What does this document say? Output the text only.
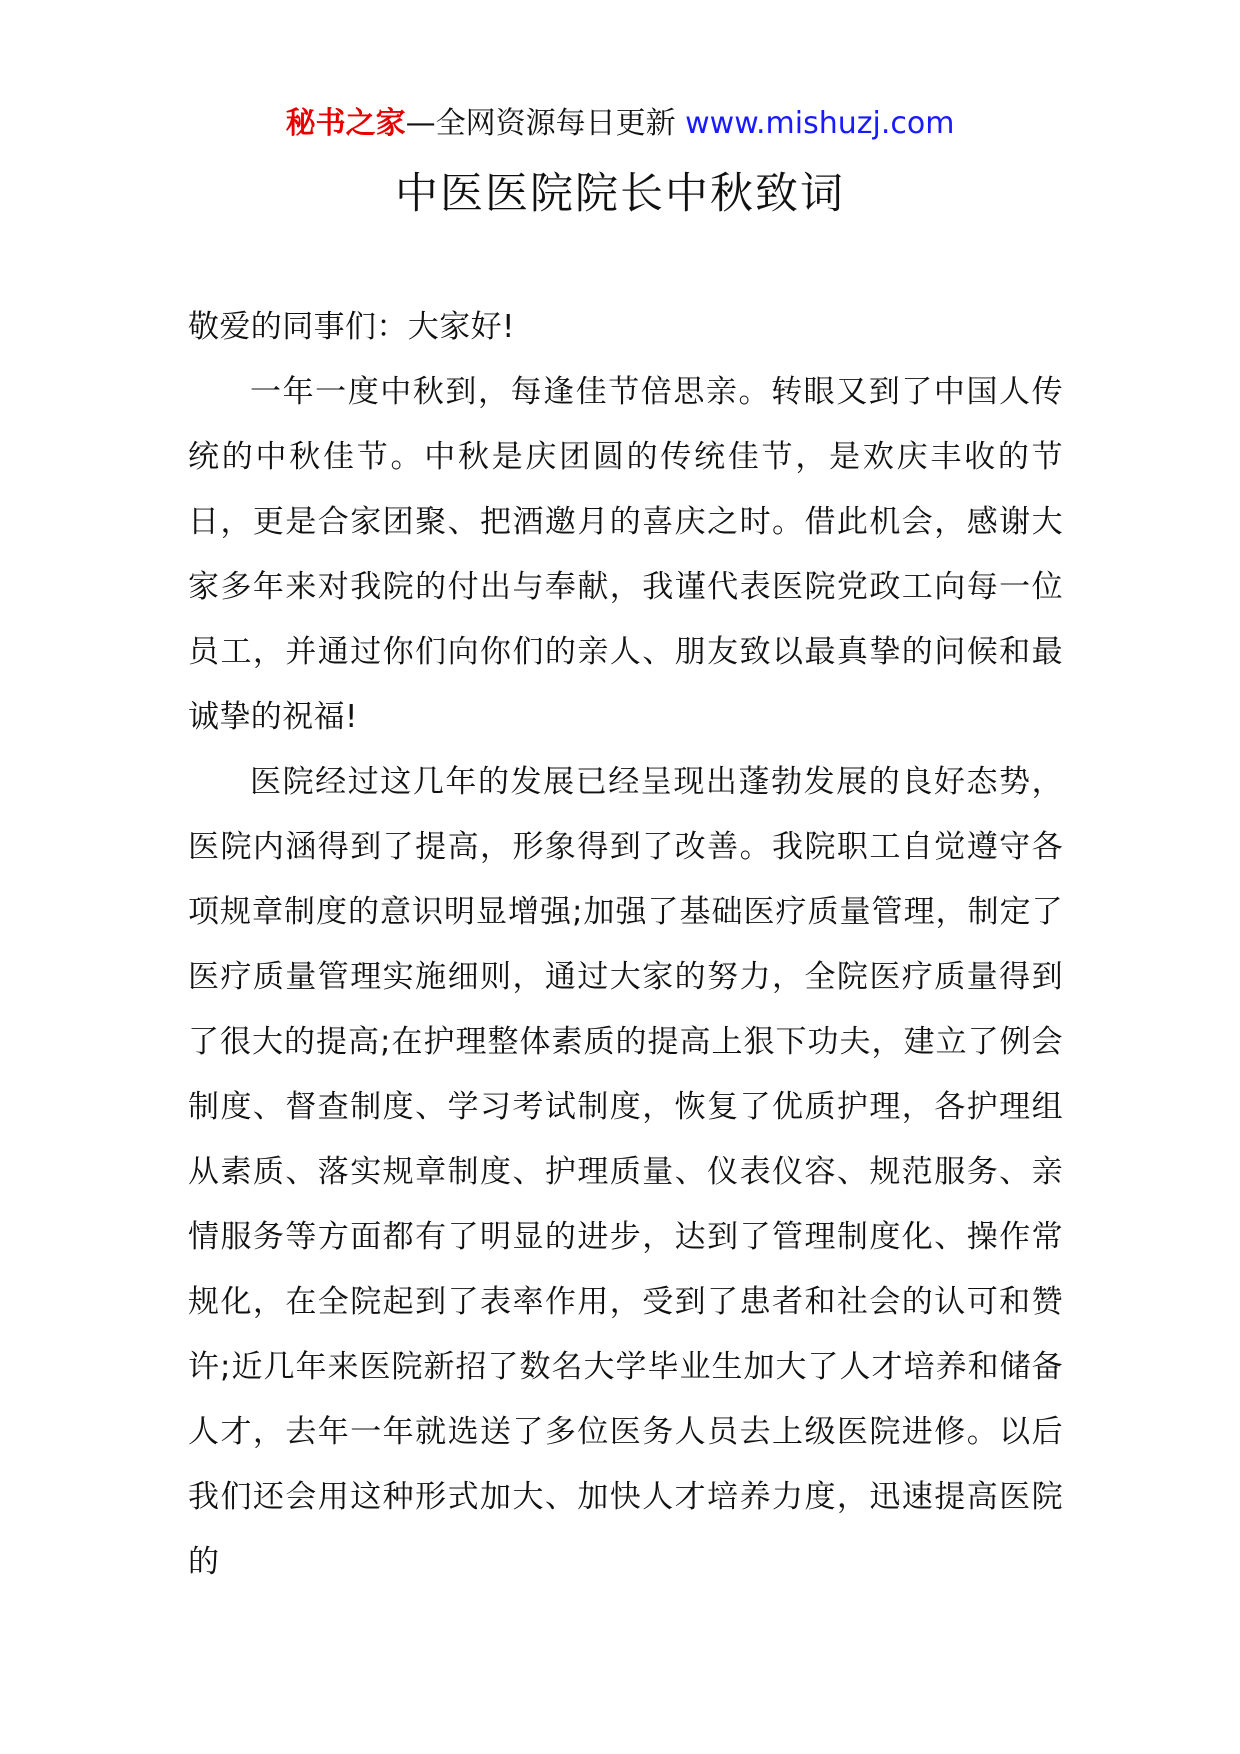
秘书之家—全网资源每日更新 www.mishuzj.com
中医医院院长中秋致词

敬爱的同事们：大家好!

一年一度中秋到，每逢佳节倍思亲。转眼又到了中国人传统的中秋佳节。中秋是庆团圆的传统佳节，是欢庆丰收的节日，更是合家团聚、把酒邀月的喜庆之时。借此机会，感谢大家多年来对我院的付出与奉献，我谨代表医院党政工向每一位员工，并通过你们向你们的亲人、朋友致以最真挚的问候和最诚挚的祝福!

医院经过这几年的发展已经呈现出蓬勃发展的良好态势，医院内涵得到了提高，形象得到了改善。我院职工自觉遵守各项规章制度的意识明显增强;加强了基础医疗质量管理，制定了医疗质量管理实施细则，通过大家的努力，全院医疗质量得到了很大的提高;在护理整体素质的提高上狠下功夫，建立了例会制度、督查制度、学习考试制度，恢复了优质护理，各护理组从素质、落实规章制度、护理质量、仪表仪容、规范服务、亲情服务等方面都有了明显的进步，达到了管理制度化、操作常规化，在全院起到了表率作用，受到了患者和社会的认可和赞许;近几年来医院新招了数名大学毕业生加大了人才培养和储备人才，去年一年就选送了多位医务人员去上级医院进修。以后我们还会用这种形式加大、加快人才培养力度，迅速提高医院的
